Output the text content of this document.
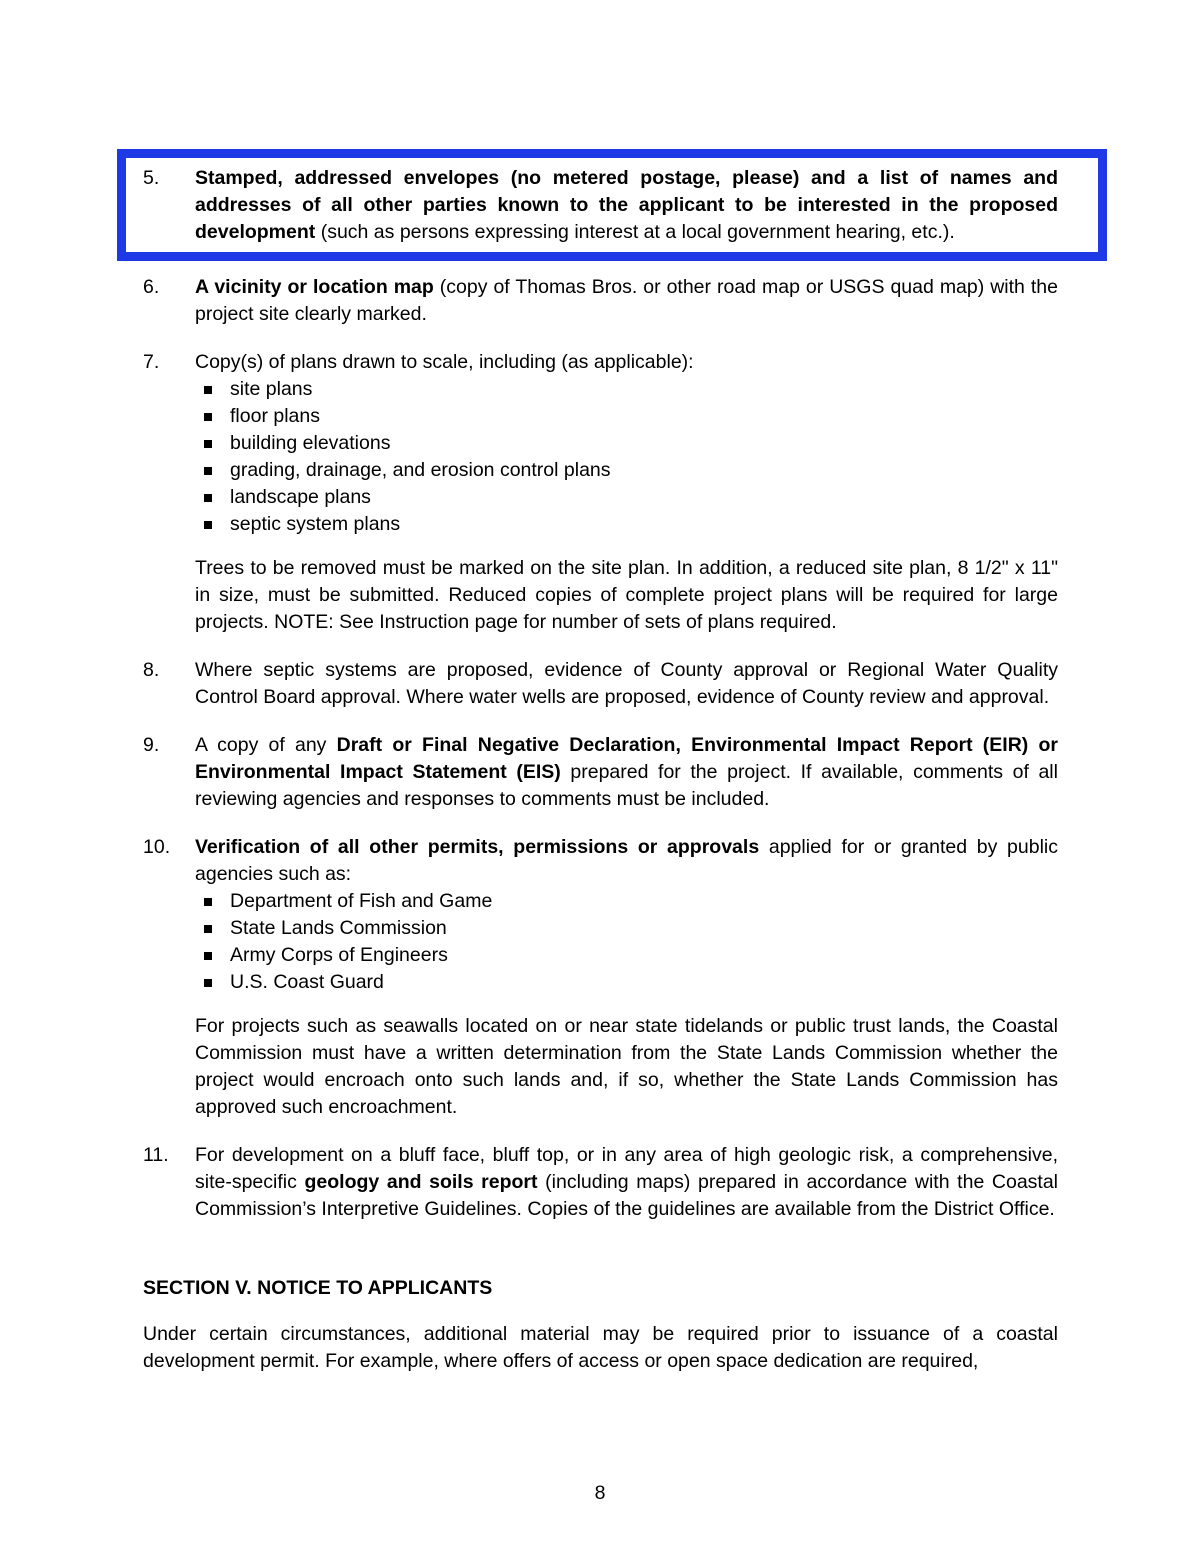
5.	Stamped, addressed envelopes (no metered postage, please) and a list of names and addresses of all other parties known to the applicant to be interested in the proposed development (such as persons expressing interest at a local government hearing, etc.).

6.	A vicinity or location map (copy of Thomas Bros. or other road map or USGS quad map) with the project site clearly marked.

7.	Copy(s) of plans drawn to scale, including (as applicable):

site plans
floor plans
building elevations
grading, drainage, and erosion control plans
landscape plans
septic system plans

Trees to be removed must be marked on the site plan. In addition, a reduced site plan, 8 1/2" x 11" in size, must be submitted. Reduced copies of complete project plans will be required for large projects. NOTE: See Instruction page for number of sets of plans required.

8.	Where septic systems are proposed, evidence of County approval or Regional Water Quality Control Board approval. Where water wells are proposed, evidence of County review and approval.

9.	A copy of any Draft or Final Negative Declaration, Environmental Impact Report (EIR) or Environmental Impact Statement (EIS) prepared for the project. If available, comments of all reviewing agencies and responses to comments must be included.

10.	Verification of all other permits, permissions or approvals applied for or granted by public agencies such as:

Department of Fish and Game
State Lands Commission
Army Corps of Engineers
U.S. Coast Guard

For projects such as seawalls located on or near state tidelands or public trust lands, the Coastal Commission must have a written determination from the State Lands Commission whether the project would encroach onto such lands and, if so, whether the State Lands Commission has approved such encroachment.

11.	For development on a bluff face, bluff top, or in any area of high geologic risk, a comprehensive, site-specific geology and soils report (including maps) prepared in accordance with the Coastal Commission’s Interpretive Guidelines. Copies of the guidelines are available from the District Office.

SECTION V. NOTICE TO APPLICANTS

Under certain circumstances, additional material may be required prior to issuance of a coastal development permit. For example, where offers of access or open space dedication are required,

8
